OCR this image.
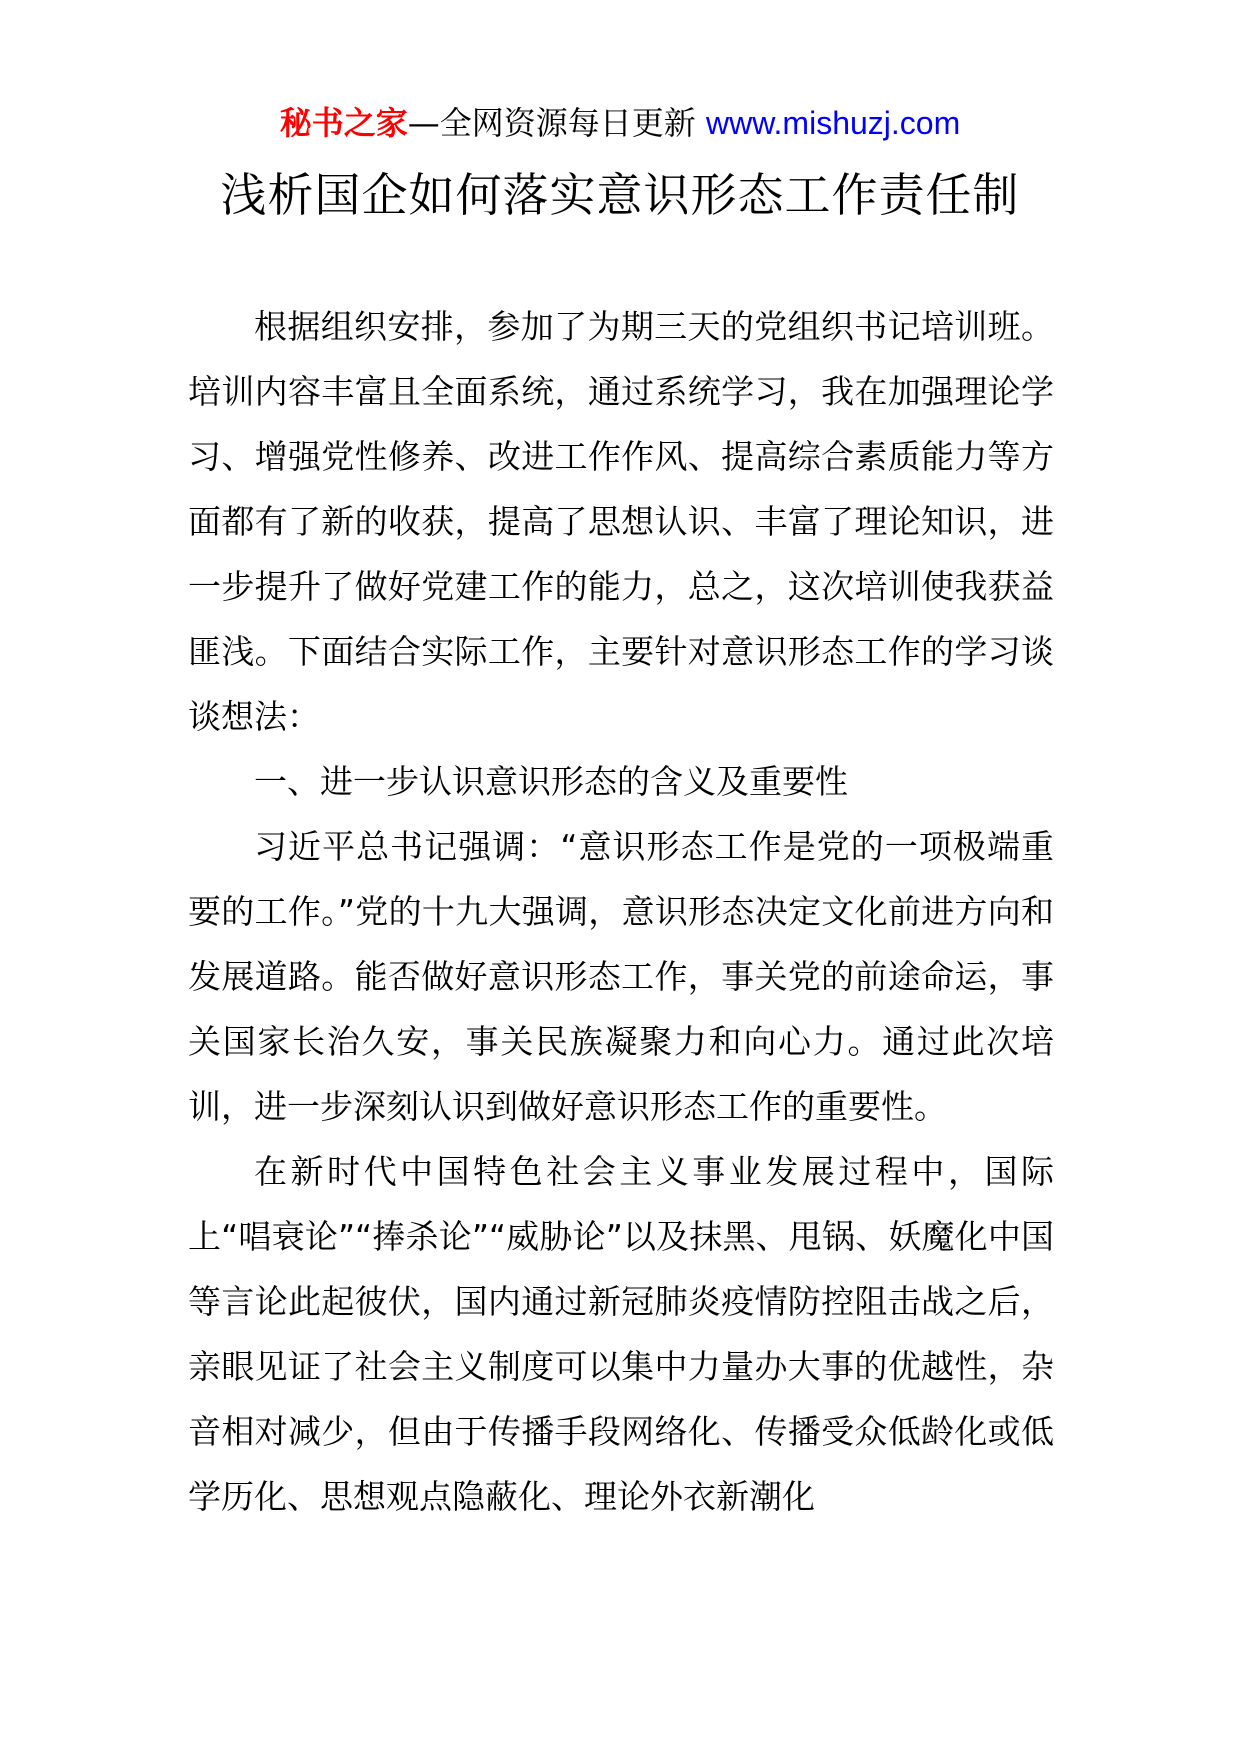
秘书之家—全网资源每日更新 www.mishuzj.com
浅析国企如何落实意识形态工作责任制

根据组织安排，参加了为期三天的党组织书记培训班。培训内容丰富且全面系统，通过系统学习，我在加强理论学习、增强党性修养、改进工作作风、提高综合素质能力等方面都有了新的收获，提高了思想认识、丰富了理论知识，进一步提升了做好党建工作的能力，总之，这次培训使我获益匪浅。下面结合实际工作，主要针对意识形态工作的学习谈谈想法：

一、进一步认识意识形态的含义及重要性

习近平总书记强调：“意识形态工作是党的一项极端重要的工作。”党的十九大强调，意识形态决定文化前进方向和发展道路。能否做好意识形态工作，事关党的前途命运，事关国家长治久安，事关民族凝聚力和向心力。通过此次培训，进一步深刻认识到做好意识形态工作的重要性。

在新时代中国特色社会主义事业发展过程中，国际上“唱衰论”“捧杀论”“威胁论”以及抹黑、甩锅、妖魔化中国等言论此起彼伏，国内通过新冠肺炎疫情防控阻击战之后，亲眼见证了社会主义制度可以集中力量办大事的优越性，杂音相对减少，但由于传播手段网络化、传播受众低龄化或低学历化、思想观点隐蔽化、理论外衣新潮化
